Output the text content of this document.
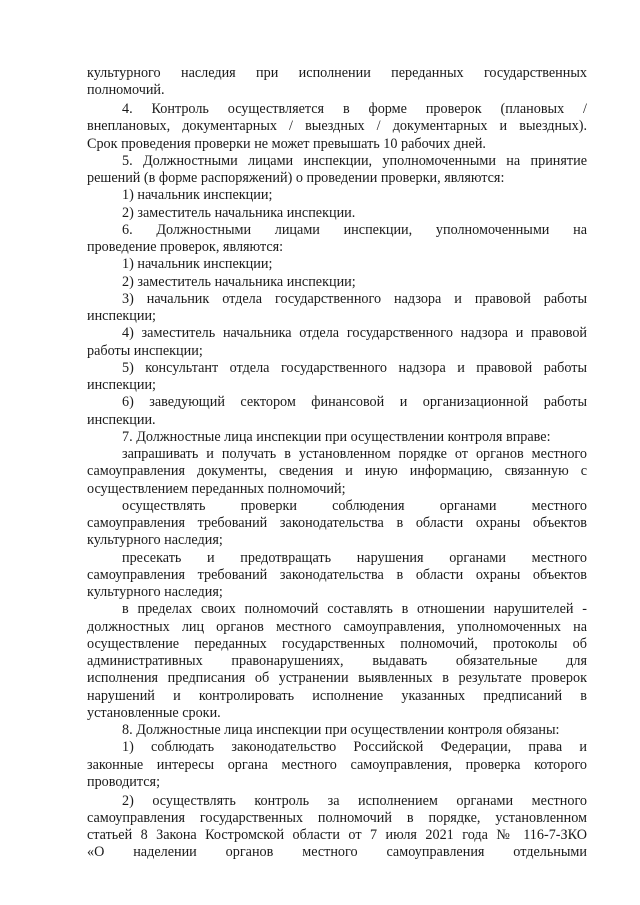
культурного наследия при исполнении переданных государственных
полномочий.
4. Контроль осуществляется в форме проверок (плановых /
внеплановых, документарных / выездных / документарных и выездных).
Срок проведения проверки не может превышать 10 рабочих дней.
5. Должностными лицами инспекции, уполномоченными на принятие
решений (в форме распоряжений) о проведении проверки, являются:
1) начальник инспекции;
2) заместитель начальника инспекции.
6. Должностными лицами инспекции, уполномоченными на
проведение проверок, являются:
1) начальник инспекции;
2) заместитель начальника инспекции;
3) начальник отдела государственного надзора и правовой работы
инспекции;
4) заместитель начальника отдела государственного надзора и правовой
работы инспекции;
5) консультант отдела государственного надзора и правовой работы
инспекции;
6) заведующий сектором финансовой и организационной работы
инспекции.
7. Должностные лица инспекции при осуществлении контроля вправе:
запрашивать и получать в установленном порядке от органов местного
самоуправления документы, сведения и иную информацию, связанную с
осуществлением переданных полномочий;
осуществлять проверки соблюдения органами местного
самоуправления требований законодательства в области охраны объектов
культурного наследия;
пресекать и предотвращать нарушения органами местного
самоуправления требований законодательства в области охраны объектов
культурного наследия;
в пределах своих полномочий составлять в отношении нарушителей -
должностных лиц органов местного самоуправления, уполномоченных на
осуществление переданных государственных полномочий, протоколы об
административных правонарушениях, выдавать обязательные для
исполнения предписания об устранении выявленных в результате проверок
нарушений и контролировать исполнение указанных предписаний в
установленные сроки.
8. Должностные лица инспекции при осуществлении контроля обязаны:
1) соблюдать законодательство Российской Федерации, права и
законные интересы органа местного самоуправления, проверка которого
проводится;
2) осуществлять контроль за исполнением органами местного
самоуправления государственных полномочий в порядке, установленном
статьей 8 Закона Костромской области от 7 июля 2021 года № 116-7-ЗКО
«О наделении органов местного самоуправления отдельными
